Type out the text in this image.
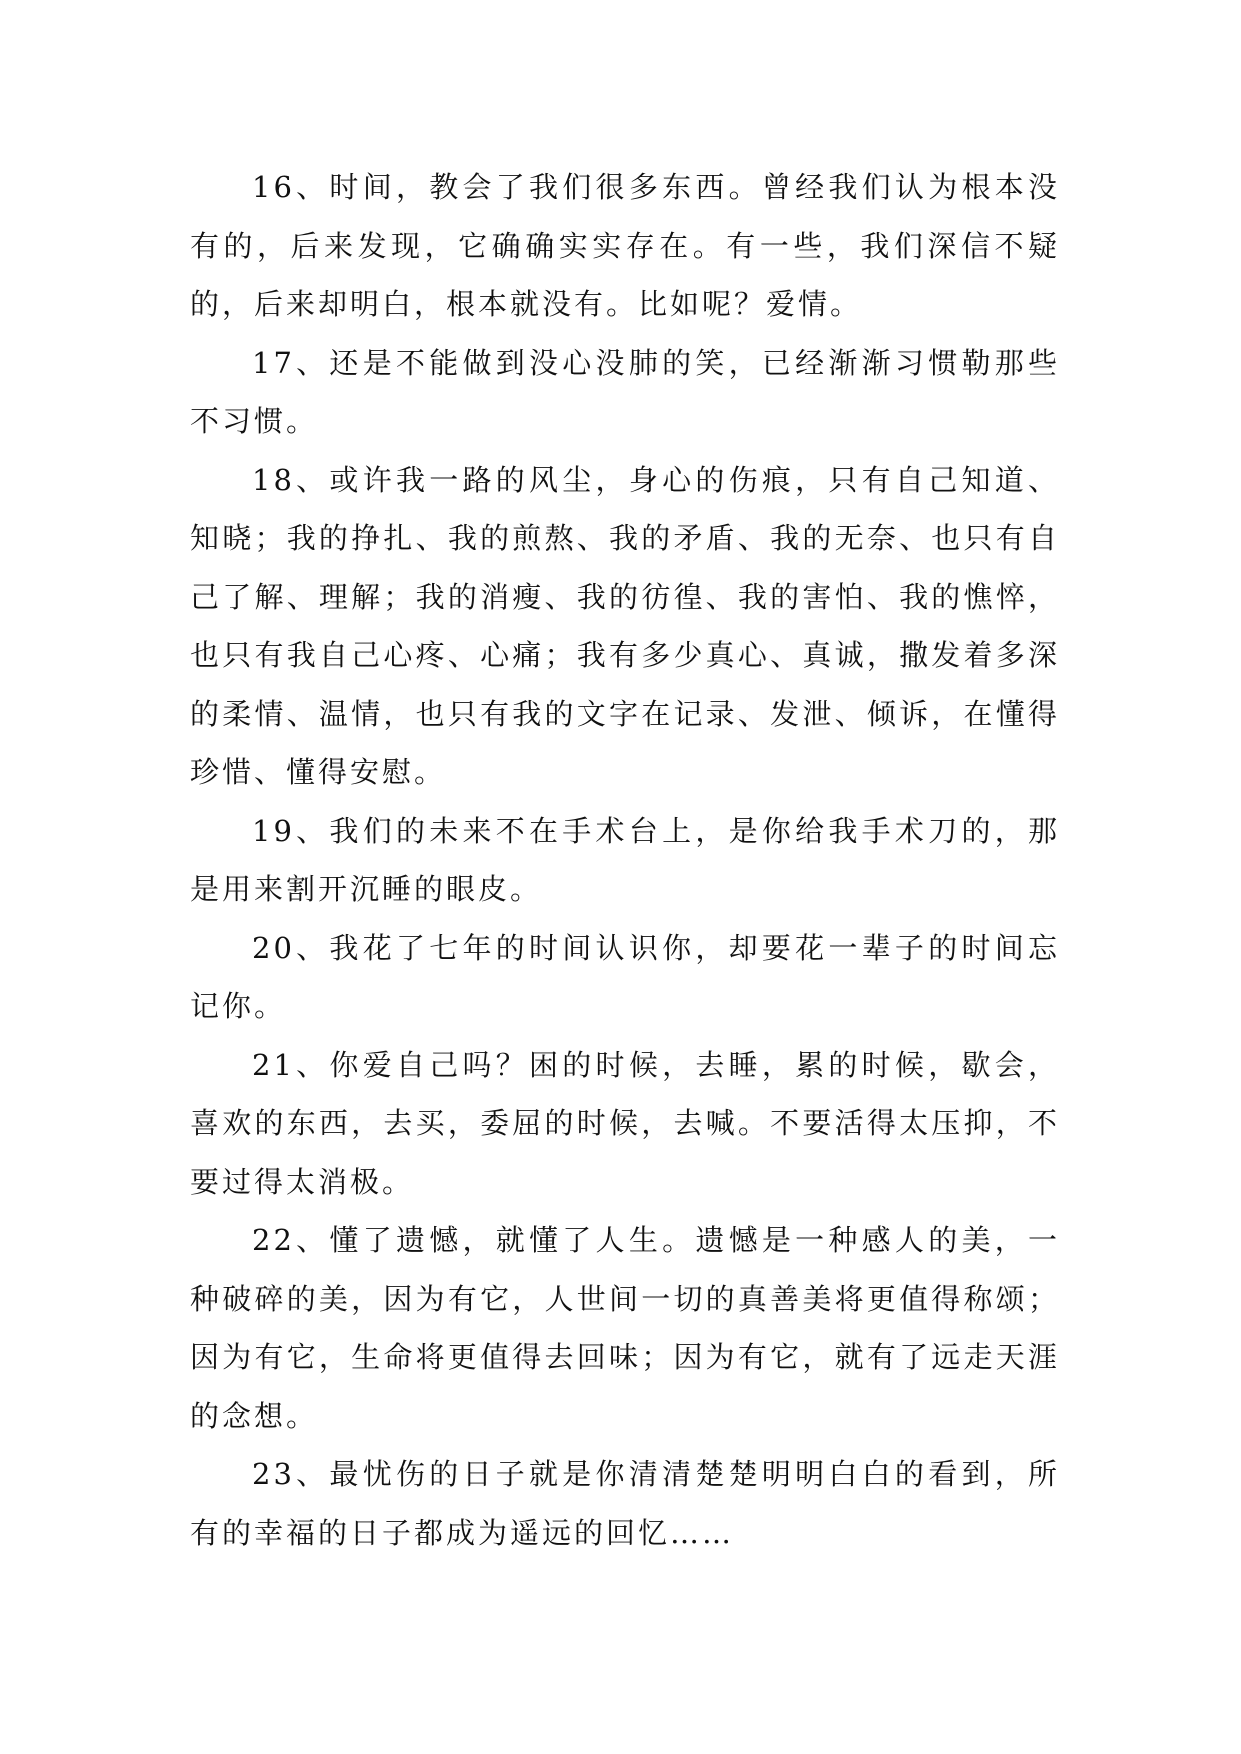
16、时间，教会了我们很多东西。曾经我们认为根本没有的，后来发现，它确确实实存在。有一些，我们深信不疑的，后来却明白，根本就没有。比如呢？爱情。

17、还是不能做到没心没肺的笑，已经渐渐习惯勒那些不习惯。

18、或许我一路的风尘，身心的伤痕，只有自己知道、知晓；我的挣扎、我的煎熬、我的矛盾、我的无奈、也只有自己了解、理解；我的消瘦、我的彷徨、我的害怕、我的憔悴，也只有我自己心疼、心痛；我有多少真心、真诚，撒发着多深的柔情、温情，也只有我的文字在记录、发泄、倾诉，在懂得珍惜、懂得安慰。

19、我们的未来不在手术台上，是你给我手术刀的，那是用来割开沉睡的眼皮。

20、我花了七年的时间认识你，却要花一辈子的时间忘记你。

21、你爱自己吗？困的时候，去睡，累的时候，歇会，喜欢的东西，去买，委屈的时候，去喊。不要活得太压抑，不要过得太消极。

22、懂了遗憾，就懂了人生。遗憾是一种感人的美，一种破碎的美，因为有它，人世间一切的真善美将更值得称颂；因为有它，生命将更值得去回味；因为有它，就有了远走天涯的念想。

23、最忧伤的日子就是你清清楚楚明明白白的看到，所有的幸福的日子都成为遥远的回忆……
